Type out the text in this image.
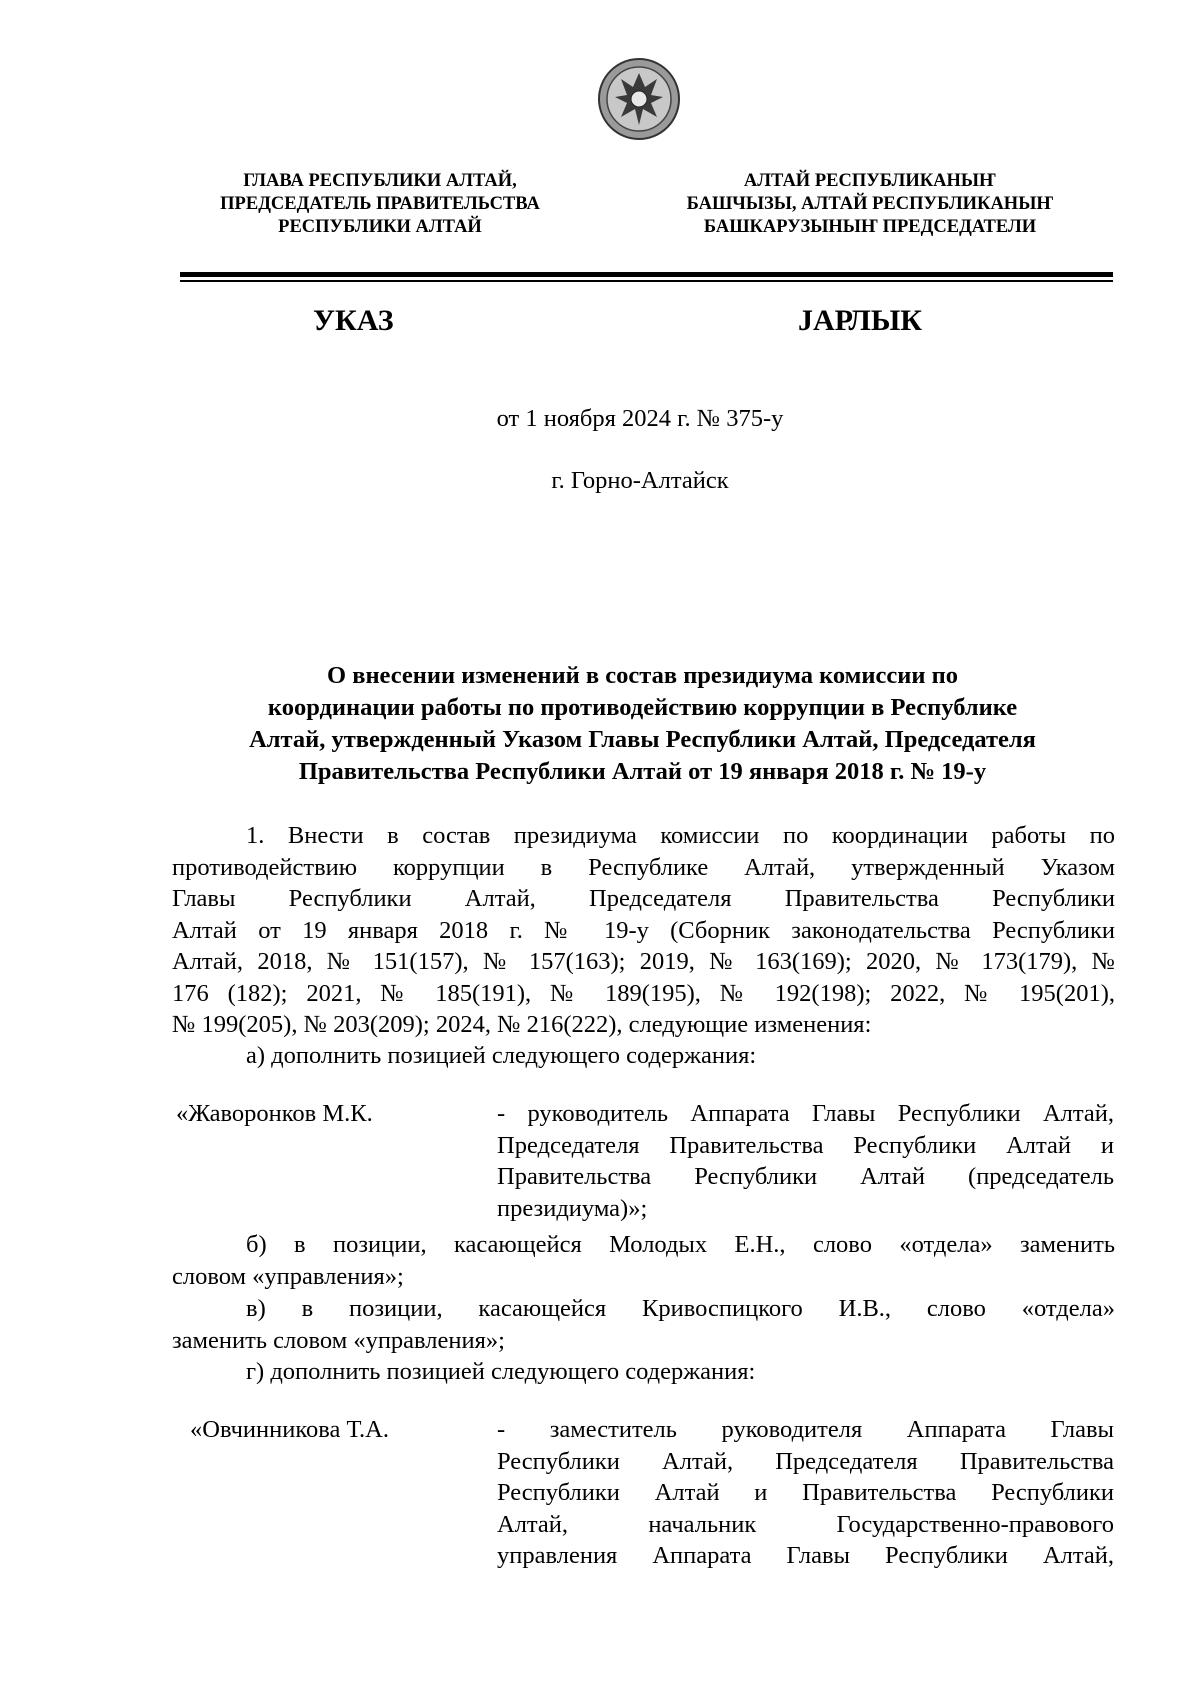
ГЛАВА РЕСПУБЛИКИ АЛТАЙ,
ПРЕДСЕДАТЕЛЬ ПРАВИТЕЛЬСТВА
РЕСПУБЛИКИ АЛТАЙ
АЛТАЙ РЕСПУБЛИКАНЫҤ
БАШЧЫЗЫ, АЛТАЙ РЕСПУБЛИКАНЫҤ
БАШКАРУЗЫНЫҤ ПРЕДСЕДАТЕЛИ
УКАЗ	ЈАРЛЫК
от 1 ноября 2024 г. № 375-у
г. Горно-Алтайск
О внесении изменений в состав президиума комиссии по
координации работы по противодействию коррупции в Республике
Алтай, утвержденный Указом Главы Республики Алтай, Председателя
Правительства Республики Алтай от 19 января 2018 г. № 19-у
1. Внести в состав президиума комиссии по координации работы по
противодействию коррупции в Республике Алтай, утвержденный Указом
Главы Республики Алтай, Председателя Правительства Республики
Алтай от 19 января 2018 г. № 19-у (Сборник законодательства Республики
Алтай, 2018, № 151(157), № 157(163); 2019, № 163(169); 2020, № 173(179), №
176 (182); 2021, № 185(191), № 189(195), № 192(198); 2022, № 195(201),
№ 199(205), № 203(209); 2024, № 216(222), следующие изменения:
а) дополнить позицией следующего содержания:
«Жаворонков М.К.	- руководитель Аппарата Главы Республики Алтай,
Председателя Правительства Республики Алтай и
Правительства Республики Алтай (председатель
президиума)»;
б) в позиции, касающейся Молодых Е.Н., слово «отдела» заменить
словом «управления»;
в) в позиции, касающейся Кривоспицкого И.В., слово «отдела»
заменить словом «управления»;
г) дополнить позицией следующего содержания:
«Овчинникова Т.А.	- заместитель руководителя Аппарата Главы
Республики Алтай, Председателя Правительства
Республики Алтай и Правительства Республики
Алтай, начальник Государственно-правового
управления Аппарата Главы Республики Алтай,
